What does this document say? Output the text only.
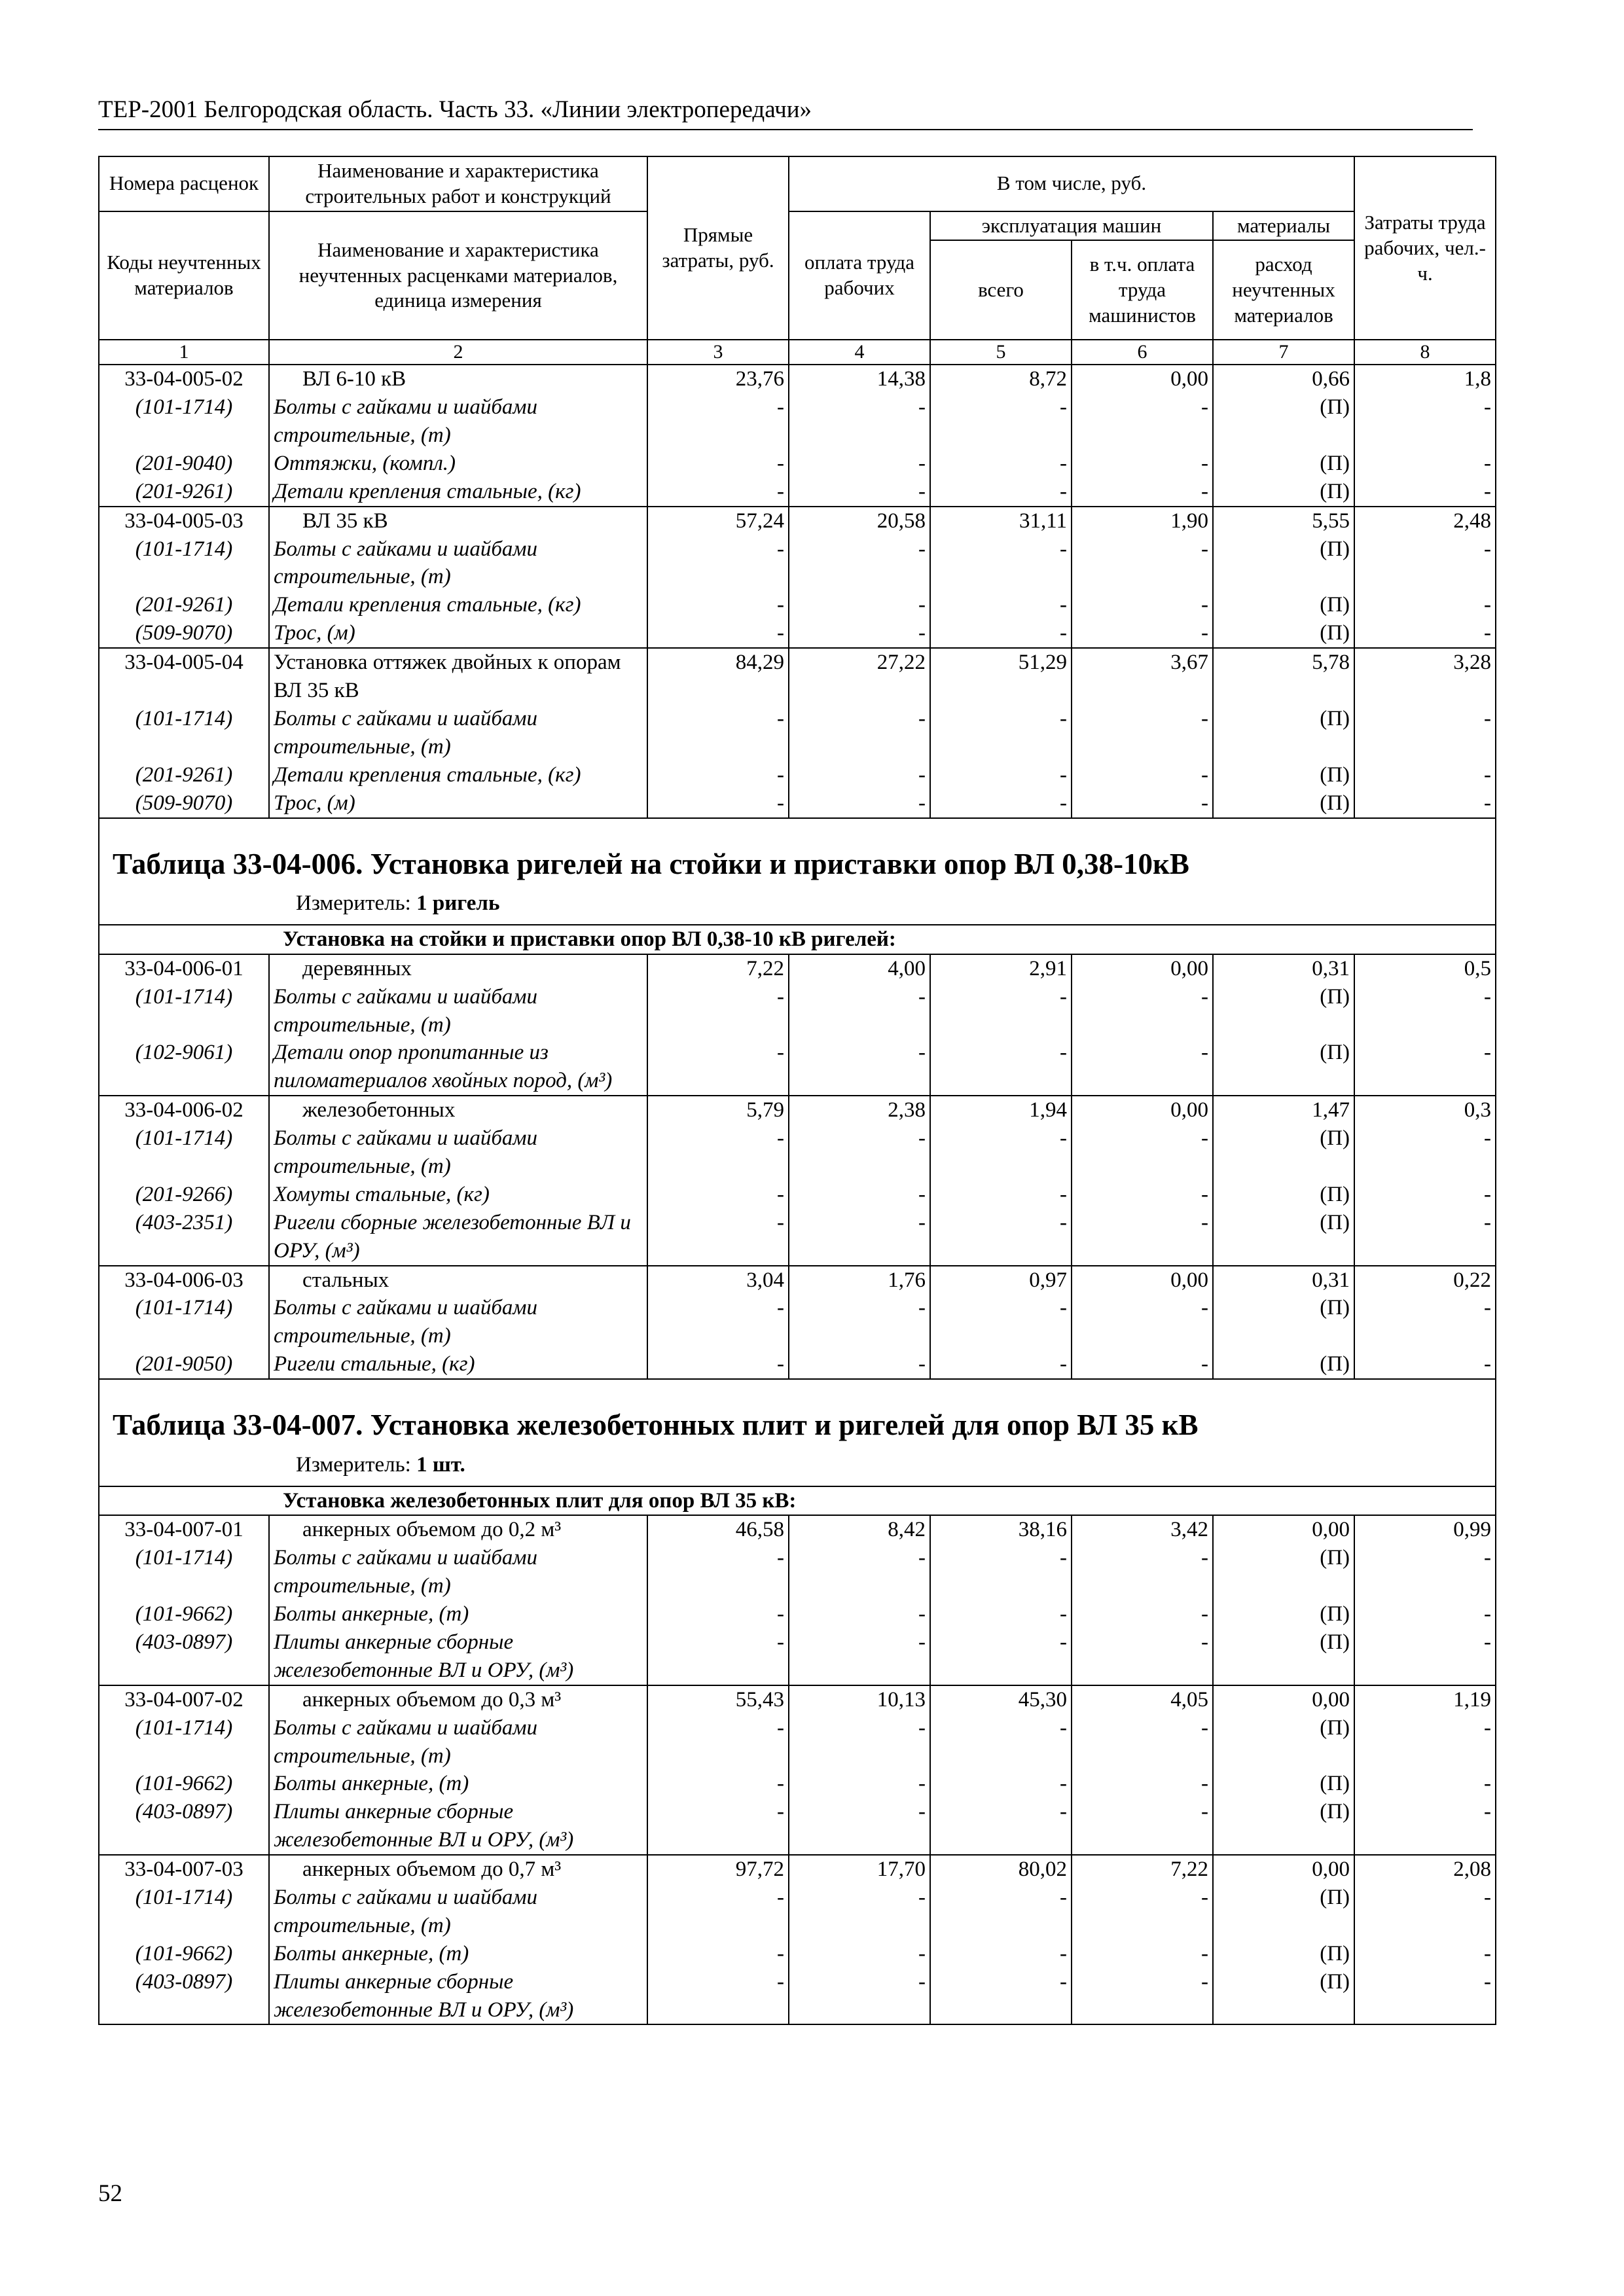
ТЕР-2001 Белгородская область. Часть 33. «Линии электропередачи»
Номера расценок	Наименование и характеристика строительных работ и конструкций	Прямые затраты, руб.	В том числе, руб.				Затраты труда рабочих, чел.-ч.
Коды неучтенных материалов	Наименование и характеристика неучтенных расценками материалов, единица измерения		оплата труда рабочих	эксплуатация машин		материалы	
				всего	в т.ч. оплата труда машинистов	расход неучтенных материалов	
1	2	3	4	5	6	7	8
33-04-005-02	ВЛ 6-10 кВ	23,76	14,38	8,72	0,00	0,66	1,8
(101-1714)	Болты с гайками и шайбами строительные, (т)	-	-	-	-	(П)	-
(201-9040)	Оттяжки, (компл.)	-	-	-	-	(П)	-
(201-9261)	Детали крепления стальные, (кг)	-	-	-	-	(П)	-
33-04-005-03	ВЛ 35 кВ	57,24	20,58	31,11	1,90	5,55	2,48
(101-1714)	Болты с гайками и шайбами строительные, (т)	-	-	-	-	(П)	-
(201-9261)	Детали крепления стальные, (кг)	-	-	-	-	(П)	-
(509-9070)	Трос, (м)	-	-	-	-	(П)	-
33-04-005-04	Установка оттяжек двойных к опорам ВЛ 35 кВ	84,29	27,22	51,29	3,67	5,78	3,28
(101-1714)	Болты с гайками и шайбами строительные, (т)	-	-	-	-	(П)	-
(201-9261)	Детали крепления стальные, (кг)	-	-	-	-	(П)	-
(509-9070)	Трос, (м)	-	-	-	-	(П)	-

Таблица 33-04-006. Установка ригелей на стойки и приставки опор ВЛ 0,38-10кВ
Измеритель: 1 ригель							

Установка на стойки и приставки опор ВЛ 0,38-10 кВ ригелей:							
33-04-006-01	деревянных	7,22	4,00	2,91	0,00	0,31	0,5
(101-1714)	Болты с гайками и шайбами строительные, (т)	-	-	-	-	(П)	-
(102-9061)	Детали опор пропитанные из пиломатериалов хвойных пород, (м³)	-	-	-	-	(П)	-
33-04-006-02	железобетонных	5,79	2,38	1,94	0,00	1,47	0,3
(101-1714)	Болты с гайками и шайбами строительные, (т)	-	-	-	-	(П)	-
(201-9266)	Хомуты стальные, (кг)	-	-	-	-	(П)	-
(403-2351)	Ригели сборные железобетонные ВЛ и ОРУ, (м³)	-	-	-	-	(П)	-
33-04-006-03	стальных	3,04	1,76	0,97	0,00	0,31	0,22
(101-1714)	Болты с гайками и шайбами строительные, (т)	-	-	-	-	(П)	-
(201-9050)	Ригели стальные, (кг)	-	-	-	-	(П)	-

Таблица 33-04-007. Установка железобетонных плит и ригелей для опор ВЛ 35 кВ
Измеритель: 1 шт.							

Установка железобетонных плит для опор ВЛ 35 кВ:							
33-04-007-01	анкерных объемом до 0,2 м³	46,58	8,42	38,16	3,42	0,00	0,99
(101-1714)	Болты с гайками и шайбами строительные, (т)	-	-	-	-	(П)	-
(101-9662)	Болты анкерные, (т)	-	-	-	-	(П)	-
(403-0897)	Плиты анкерные сборные железобетонные ВЛ и ОРУ, (м³)	-	-	-	-	(П)	-
33-04-007-02	анкерных объемом до 0,3 м³	55,43	10,13	45,30	4,05	0,00	1,19
(101-1714)	Болты с гайками и шайбами строительные, (т)	-	-	-	-	(П)	-
(101-9662)	Болты анкерные, (т)	-	-	-	-	(П)	-
(403-0897)	Плиты анкерные сборные железобетонные ВЛ и ОРУ, (м³)	-	-	-	-	(П)	-
33-04-007-03	анкерных объемом до 0,7 м³	97,72	17,70	80,02	7,22	0,00	2,08
(101-1714)	Болты с гайками и шайбами строительные, (т)	-	-	-	-	(П)	-
(101-9662)	Болты анкерные, (т)	-	-	-	-	(П)	-
(403-0897)	Плиты анкерные сборные железобетонные ВЛ и ОРУ, (м³)	-	-	-	-	(П)	-
52
